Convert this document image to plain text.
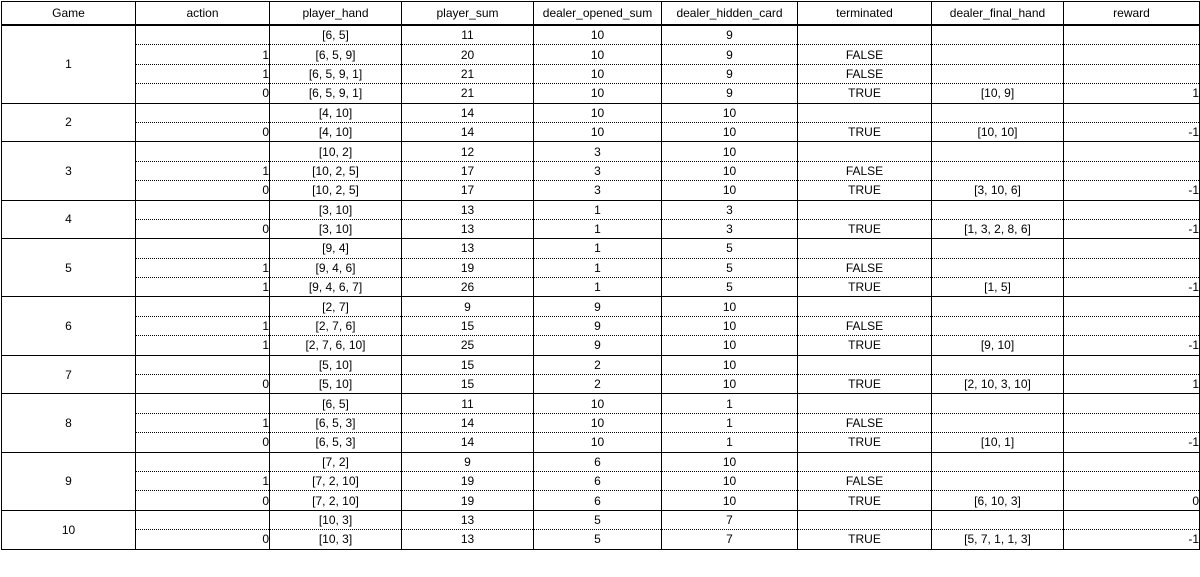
Game	action	player_hand	player_sum	dealer_opened_sum	dealer_hidden_card	terminated	dealer_final_hand	reward
1		[6, 5]	11	10	9			
	1	[6, 5, 9]	20	10	9	FALSE		
	1	[6, 5, 9, 1]	21	10	9	FALSE		
	0	[6, 5, 9, 1]	21	10	9	TRUE	[10, 9]	1
2		[4, 10]	14	10	10			
	0	[4, 10]	14	10	10	TRUE	[10, 10]	-1
3		[10, 2]	12	3	10			
	1	[10, 2, 5]	17	3	10	FALSE		
	0	[10, 2, 5]	17	3	10	TRUE	[3, 10, 6]	-1
4		[3, 10]	13	1	3			
	0	[3, 10]	13	1	3	TRUE	[1, 3, 2, 8, 6]	-1
5		[9, 4]	13	1	5			
	1	[9, 4, 6]	19	1	5	FALSE		
	1	[9, 4, 6, 7]	26	1	5	TRUE	[1, 5]	-1
6		[2, 7]	9	9	10			
	1	[2, 7, 6]	15	9	10	FALSE		
	1	[2, 7, 6, 10]	25	9	10	TRUE	[9, 10]	-1
7		[5, 10]	15	2	10			
	0	[5, 10]	15	2	10	TRUE	[2, 10, 3, 10]	1
8		[6, 5]	11	10	1			
	1	[6, 5, 3]	14	10	1	FALSE		
	0	[6, 5, 3]	14	10	1	TRUE	[10, 1]	-1
9		[7, 2]	9	6	10			
	1	[7, 2, 10]	19	6	10	FALSE		
	0	[7, 2, 10]	19	6	10	TRUE	[6, 10, 3]	0
10		[10, 3]	13	5	7			
	0	[10, 3]	13	5	7	TRUE	[5, 7, 1, 1, 3]	-1
